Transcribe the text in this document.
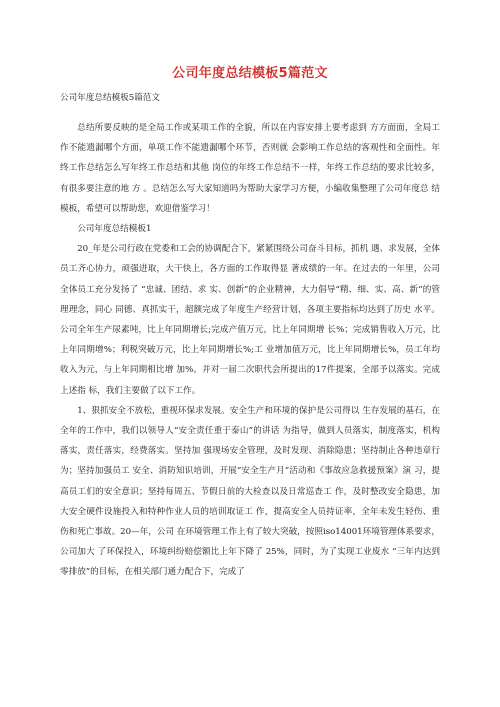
公司年度总结模板5篇范文
公司年度总结模板5篇范文

总结所要反映的是全局工作或某项工作的全貌，所以在内容安排上要考虑到 方方面面，全局工作不能遗漏哪个方面，单项工作不能遗漏哪个环节，否则就 会影响工作总结的客观性和全面性。年终工作总结怎么写年终工作总结和其他 岗位的年终工作总结不一样，年终工作总结的要求比较多，有很多要注意的地 方 。总结怎么写大家知道吗为帮助大家学习方便，小编收集整理了公司年度总 结模板，希望可以帮助您，欢迎借鉴学习！

公司年度总结模板1

20_年是公司行政在党委和工会的协调配合下，紧紧围绕公司奋斗目标，抓机 遇、求发展，全体员工齐心协力，顽强进取，大干快上，各方面的工作取得显 著成绩的一年。在过去的一年里，公司全体员工充分发扬了 “忠诚、团结、求 实、创新”的企业精神，大力倡导“精、细、实、高、新”的管理理念，同心 同德、真抓实干，超额完成了年度生产经营计划，各项主要指标均达到了历史 水平。公司全年生产尿素吨，比上年同期增长;完成产值万元，比上年同期增 长%；完成销售收入万元，比上年同期增%；利税突破万元，比上年同期增长%;工 业增加值万元，比上年同期增长%，员工年均收入为元，与上年同期相比增 加%。并对一届二次职代会所提出的17件提案，全部予以落实。完成上述指 标，我们主要做了以下工作。

1、狠抓安全不放松，重视环保求发展。安全生产和环境的保护是公司得以 生存发展的基石，在全年的工作中，我们以领导人“安全责任重于泰山”的讲话 为指导，做到人员落实，制度落实，机构落实，责任落实，经费落实。坚持加 强现场安全管理，及时发现、消除隐患；坚持制止各种违章行为；坚持加强员工 安全、消防知识培训，开展“安全生产月”活动和《事故应急救援预案》演 习，提高员工们的安全意识；坚持每周五、节假日前的大检查以及日常巡查工 作，及时整改安全隐患，加大安全硬件设施投入和特种作业人员的培训取证工 作，提高安全人员持证率，全年未发生轻伤、重伤和死亡事故。20—年，公司 在环境管理工作上有了较大突破，按照iso14001环境管理体系要求，公司加大 了环保投入，环境纠纷赔偿额比上年下降了 25%，同时，为了实现工业废水 “三年内达到零排放”的目标，在相关部门通力配合下，完成了
